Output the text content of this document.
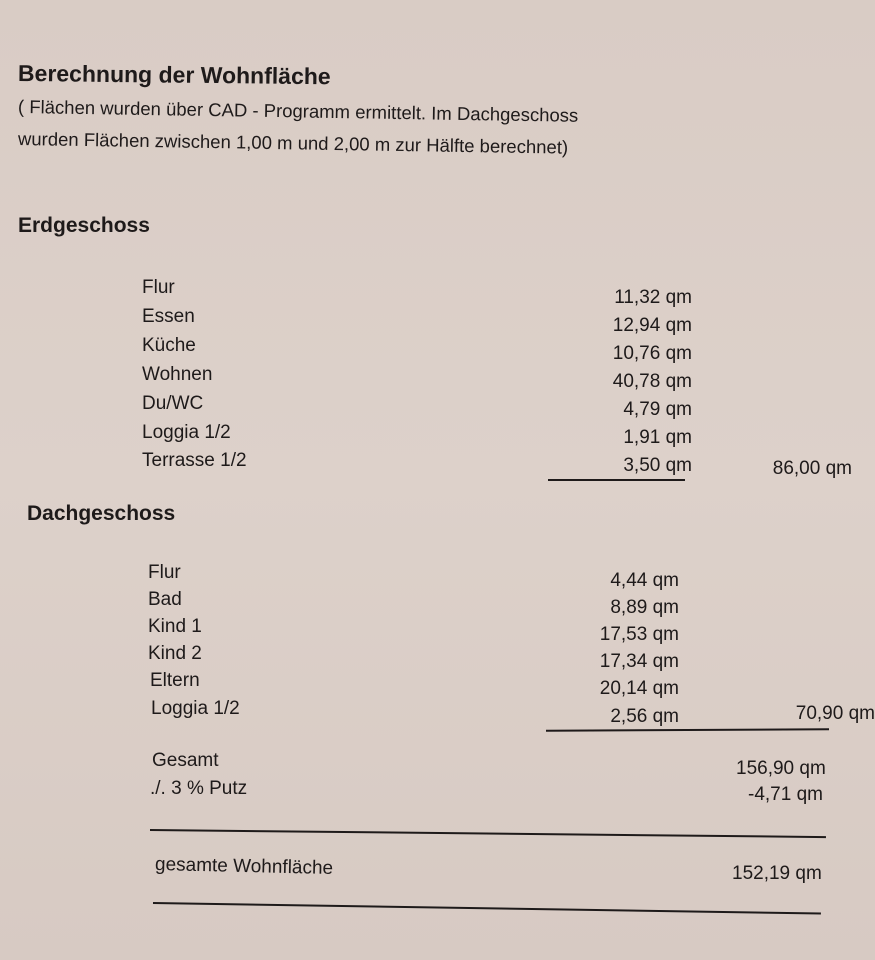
Berechnung der Wohnfläche
( Flächen wurden über CAD - Programm ermittelt. Im Dachgeschoss
wurden Flächen zwischen 1,00 m und 2,00 m zur Hälfte berechnet)
Erdgeschoss
Flur	11,32 qm
Essen	12,94 qm
Küche	10,76 qm
Wohnen	40,78 qm
Du/WC	4,79 qm
Loggia 1/2	1,91 qm
Terrasse 1/2	3,50 qm	86,00 qm
Dachgeschoss
Flur	4,44 qm
Bad	8,89 qm
Kind 1	17,53 qm
Kind 2	17,34 qm
Eltern	20,14 qm
Loggia 1/2	2,56 qm	70,90 qm
Gesamt	156,90 qm
./. 3 % Putz	-4,71 qm
gesamte Wohnfläche	152,19 qm
